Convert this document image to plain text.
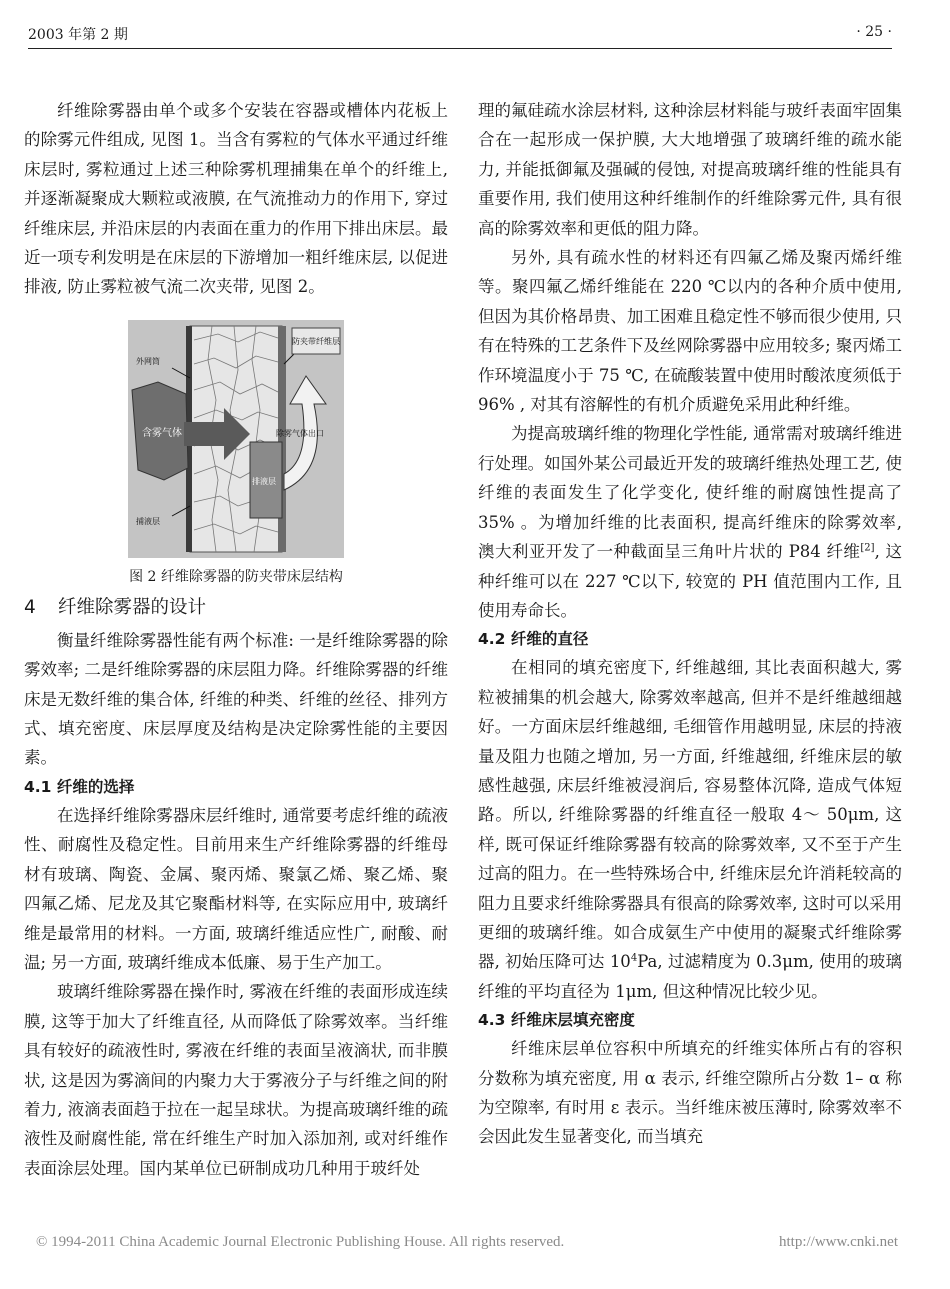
2003 年第 2 期	· 25 ·

纤维除雾器由单个或多个安装在容器或槽体内花板上的除雾元件组成, 见图 1。当含有雾粒的气体水平通过纤维床层时, 雾粒通过上述三种除雾机理捕集在单个的纤维上, 并逐渐凝聚成大颗粒或液膜, 在气流推动力的作用下, 穿过纤维床层, 并沿床层的内表面在重力的作用下排出床层。最近一项专利发明是在床层的下游增加一粗纤维床层, 以促进排液, 防止雾粒被气流二次夹带, 见图 2。

防夹带纤维层
外网筒
含雾气体	除雾气体出口
排液层
捕液层
图 2 纤维除雾器的防夹带床层结构
4 纤维除雾器的设计

衡量纤维除雾器性能有两个标准: 一是纤维除雾器的除雾效率; 二是纤维除雾器的床层阻力降。纤维除雾器的纤维床是无数纤维的集合体, 纤维的种类、纤维的丝径、排列方式、填充密度、床层厚度及结构是决定除雾性能的主要因素。

4.1 纤维的选择

在选择纤维除雾器床层纤维时, 通常要考虑纤维的疏液性、耐腐性及稳定性。目前用来生产纤维除雾器的纤维母材有玻璃、陶瓷、金属、聚丙烯、聚氯乙烯、聚乙烯、聚四氟乙烯、尼龙及其它聚酯材料等, 在实际应用中, 玻璃纤维是最常用的材料。一方面, 玻璃纤维适应性广, 耐酸、耐温; 另一方面, 玻璃纤维成本低廉、易于生产加工。

玻璃纤维除雾器在操作时, 雾液在纤维的表面形成连续膜, 这等于加大了纤维直径, 从而降低了除雾效率。当纤维具有较好的疏液性时, 雾液在纤维的表面呈液滴状, 而非膜状, 这是因为雾滴间的内聚力大于雾液分子与纤维之间的附着力, 液滴表面趋于拉在一起呈球状。为提高玻璃纤维的疏液性及耐腐性能, 常在纤维生产时加入添加剂, 或对纤维作表面涂层处理。国内某单位已研制成功几种用于玻纤处

理的氟硅疏水涂层材料, 这种涂层材料能与玻纤表面牢固集合在一起形成一保护膜, 大大地增强了玻璃纤维的疏水能力, 并能抵御氟及强碱的侵蚀, 对提高玻璃纤维的性能具有重要作用, 我们使用这种纤维制作的纤维除雾元件, 具有很高的除雾效率和更低的阻力降。

另外, 具有疏水性的材料还有四氟乙烯及聚丙烯纤维等。聚四氟乙烯纤维能在 220 ℃以内的各种介质中使用, 但因为其价格昂贵、加工困难且稳定性不够而很少使用, 只有在特殊的工艺条件下及丝网除雾器中应用较多; 聚丙烯工作环境温度小于 75 ℃, 在硫酸装置中使用时酸浓度须低于 96% , 对其有溶解性的有机介质避免采用此种纤维。

为提高玻璃纤维的物理化学性能, 通常需对玻璃纤维进行处理。如国外某公司最近开发的玻璃纤维热处理工艺, 使纤维的表面发生了化学变化, 使纤维的耐腐蚀性提高了 35% 。为增加纤维的比表面积, 提高纤维床的除雾效率, 澳大利亚开发了一种截面呈三角叶片状的 P84 纤维[2], 这种纤维可以在 227 ℃以下, 较宽的 PH 值范围内工作, 且使用寿命长。

4.2 纤维的直径

在相同的填充密度下, 纤维越细, 其比表面积越大, 雾粒被捕集的机会越大, 除雾效率越高, 但并不是纤维越细越好。一方面床层纤维越细, 毛细管作用越明显, 床层的持液量及阻力也随之增加, 另一方面, 纤维越细, 纤维床层的敏感性越强, 床层纤维被浸润后, 容易整体沉降, 造成气体短路。所以, 纤维除雾器的纤维直径一般取 4～ 50μm, 这样, 既可保证纤维除雾器有较高的除雾效率, 又不至于产生过高的阻力。在一些特殊场合中, 纤维床层允许消耗较高的阻力且要求纤维除雾器具有很高的除雾效率, 这时可以采用更细的玻璃纤维。如合成氨生产中使用的凝聚式纤维除雾器, 初始压降可达 $10^4Pa$, 过滤精度为 0.3μm, 使用的玻璃纤维的平均直径为 1μm, 但这种情况比较少见。

4.3 纤维床层填充密度

纤维床层单位容积中所填充的纤维实体所占有的容积分数称为填充密度, 用 α 表示, 纤维空隙所占分数 1– α 称为空隙率, 有时用 ε 表示。当纤维床被压薄时, 除雾效率不会因此发生显著变化, 而当填充

© 1994-2011 China Academic Journal Electronic Publishing House. All rights reserved.	http://www.cnki.net
